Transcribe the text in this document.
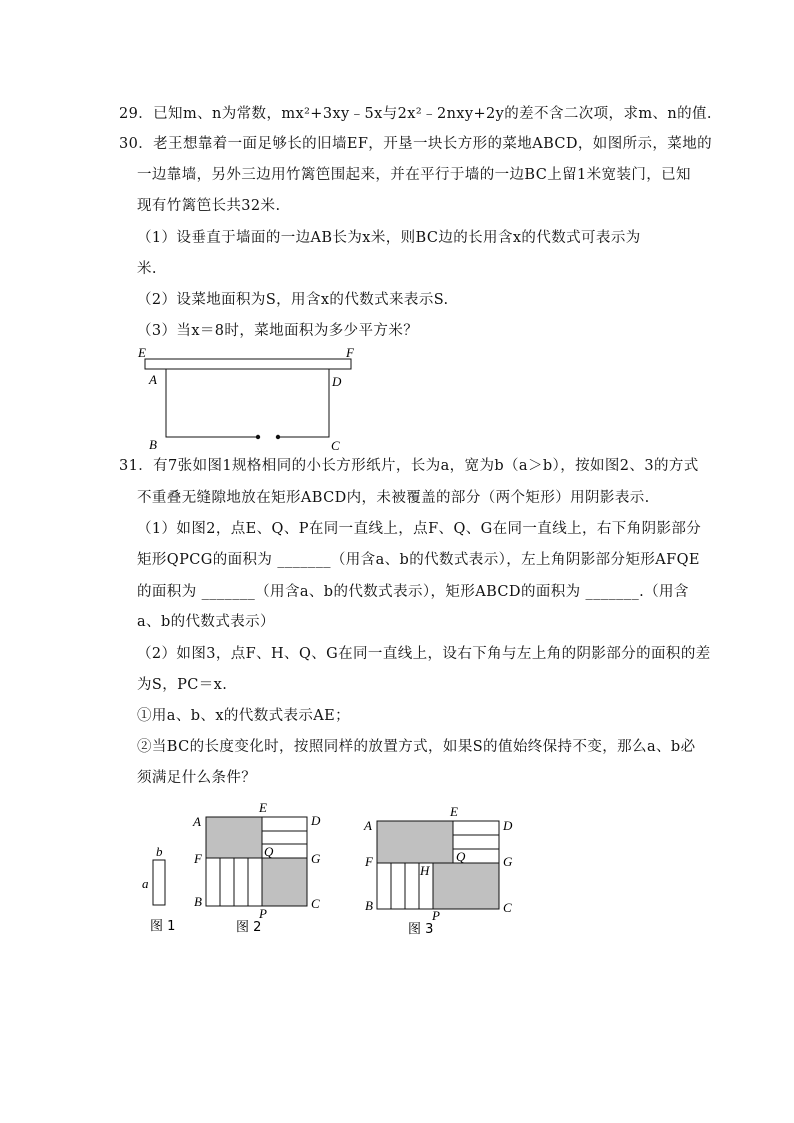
29．已知m、n为常数，mx²+3xy﹣5x与2x²﹣2nxy+2y的差不含二次项，求m、n的值.
30．老王想靠着一面足够长的旧墙EF，开垦一块长方形的菜地ABCD，如图所示，菜地的
一边靠墙，另外三边用竹篱笆围起来，并在平行于墙的一边BC上留1米宽装门，已知
现有竹篱笆长共32米.
（1）设垂直于墙面的一边AB长为x米，则BC边的长用含x的代数式可表示为
米.
（2）设菜地面积为S，用含x的代数式来表示S.
（3）当x＝8时，菜地面积为多少平方米？
E	F
A	D
B	C
31．有7张如图1规格相同的小长方形纸片，长为a，宽为b（a＞b），按如图2、3的方式
不重叠无缝隙地放在矩形ABCD内，未被覆盖的部分（两个矩形）用阴影表示.
（1）如图2，点E、Q、P在同一直线上，点F、Q、G在同一直线上，右下角阴影部分
矩形QPCG的面积为 _______（用含a、b的代数式表示），左上角阴影部分矩形AFQE
的面积为 _______（用含a、b的代数式表示），矩形ABCD的面积为 _______.（用含
a、b的代数式表示）
（2）如图3，点F、H、Q、G在同一直线上，设右下角与左上角的阴影部分的面积的差
为S，PC＝x.
①用a、b、x的代数式表示AE；
②当BC的长度变化时，按照同样的放置方式，如果S的值始终保持不变，那么a、b必
须满足什么条件？
b
a
图 1
E
A	D
Q
F	G
B	C
P
图 2
E
A	D
Q
F	G
H
B	C
P
图 3
